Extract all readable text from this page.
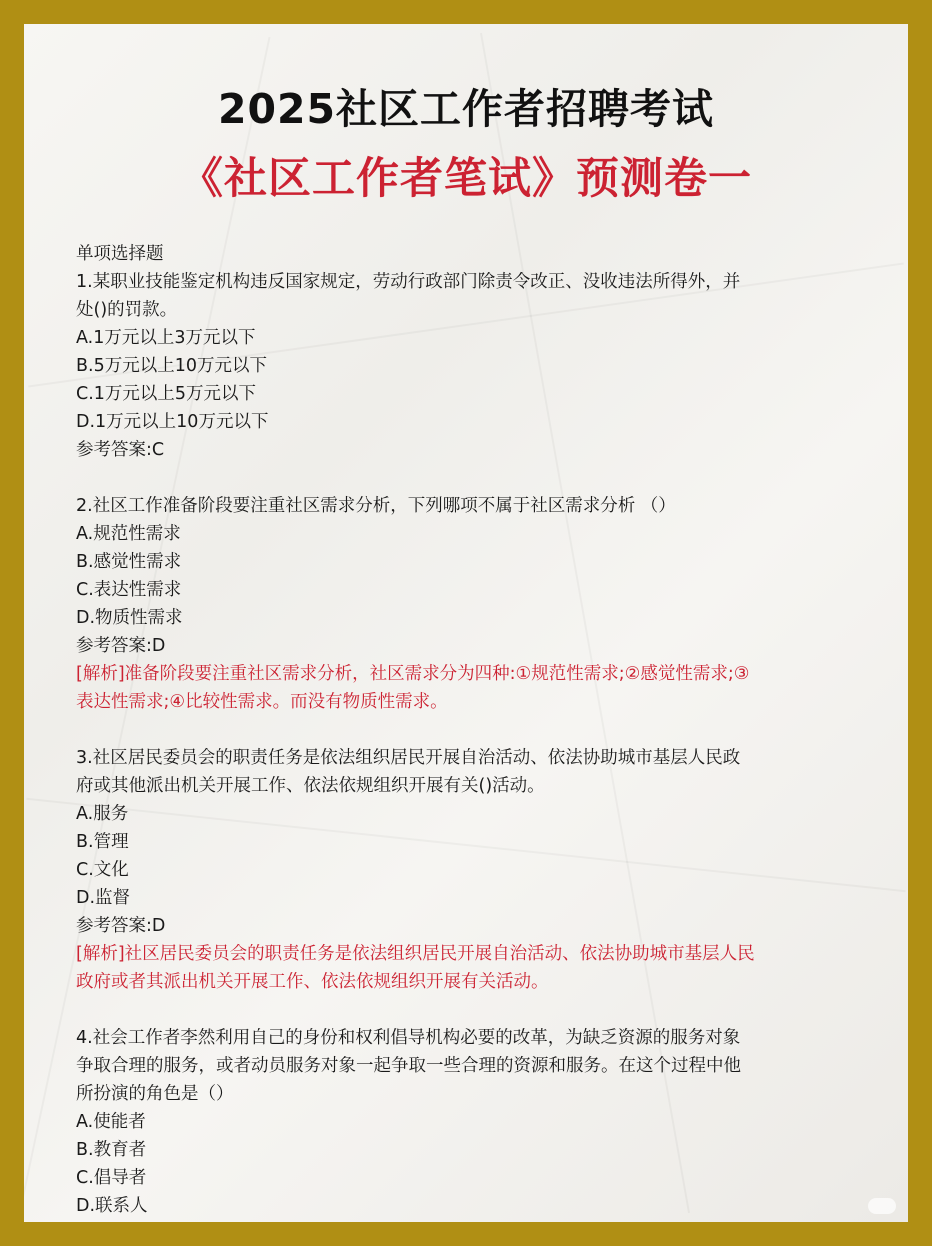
2025社区工作者招聘考试
《社区工作者笔试》预测卷一
单项选择题
1.某职业技能鉴定机构违反国家规定，劳动行政部门除责令改正、没收违法所得外，并
处()的罚款。
A.1万元以上3万元以下
B.5万元以上10万元以下
C.1万元以上5万元以下
D.1万元以上10万元以下
参考答案:C
2.社区工作准备阶段要注重社区需求分析，下列哪项不属于社区需求分析 （）
A.规范性需求
B.感觉性需求
C.表达性需求
D.物质性需求
参考答案:D
[解析]准备阶段要注重社区需求分析，社区需求分为四种:①规范性需求;②感觉性需求;③
表达性需求;④比较性需求。而没有物质性需求。
3.社区居民委员会的职责任务是依法组织居民开展自治活动、依法协助城市基层人民政
府或其他派出机关开展工作、依法依规组织开展有关()活动。
A.服务
B.管理
C.文化
D.监督
参考答案:D
[解析]社区居民委员会的职责任务是依法组织居民开展自治活动、依法协助城市基层人民
政府或者其派出机关开展工作、依法依规组织开展有关活动。
4.社会工作者李然利用自己的身份和权利倡导机构必要的改革，为缺乏资源的服务对象
争取合理的服务，或者动员服务对象一起争取一些合理的资源和服务。在这个过程中他
所扮演的角色是（）
A.使能者
B.教育者
C.倡导者
D.联系人
